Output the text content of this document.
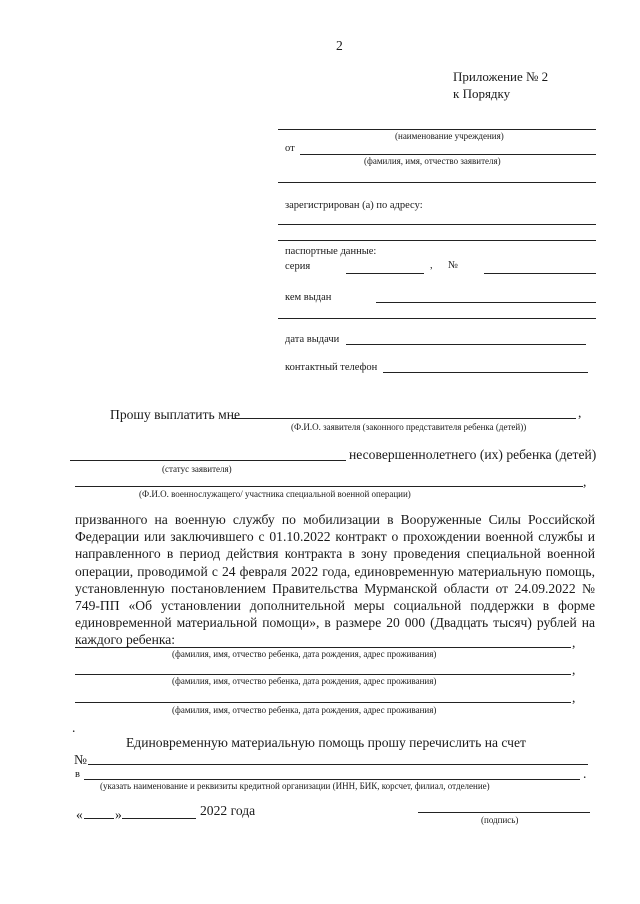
2
Приложение № 2
к Порядку
(наименование учреждения)
от
(фамилия, имя, отчество заявителя)
зарегистрирован (а) по адресу:
паспортные данные:
серия	, №
кем выдан
дата выдачи
контактный телефон
Прошу выплатить мне	,
(Ф.И.О. заявителя (законного представителя ребенка (детей))
несовершеннолетнего (их) ребенка (детей)
(статус заявителя)
,
(Ф.И.О. военнослужащего/ участника специальной военной операции)
призванного на военную службу по мобилизации в Вооруженные Силы Российской Федерации или заключившего с 01.10.2022 контракт о прохождении военной службы и направленного в период действия контракта в зону проведения специальной военной операции, проводимой с 24 февраля 2022 года, единовременную материальную помощь, установленную постановлением Правительства Мурманской области от 24.09.2022 № 749-ПП «Об установлении дополнительной меры социальной поддержки в форме единовременной материальной помощи», в размере 20 000 (Двадцать тысяч) рублей на каждого ребенка:	,
(фамилия, имя, отчество ребенка, дата рождения, адрес проживания)
,
(фамилия, имя, отчество ребенка, дата рождения, адрес проживания)
,
(фамилия, имя, отчество ребенка, дата рождения, адрес проживания)
.
Единовременную материальную помощь прошу перечислить на счет
№
в	.
(указать наименование и реквизиты кредитной организации (ИНН, БИК, корсчет, филиал, отделение)
« »	2022 года
(подпись)
